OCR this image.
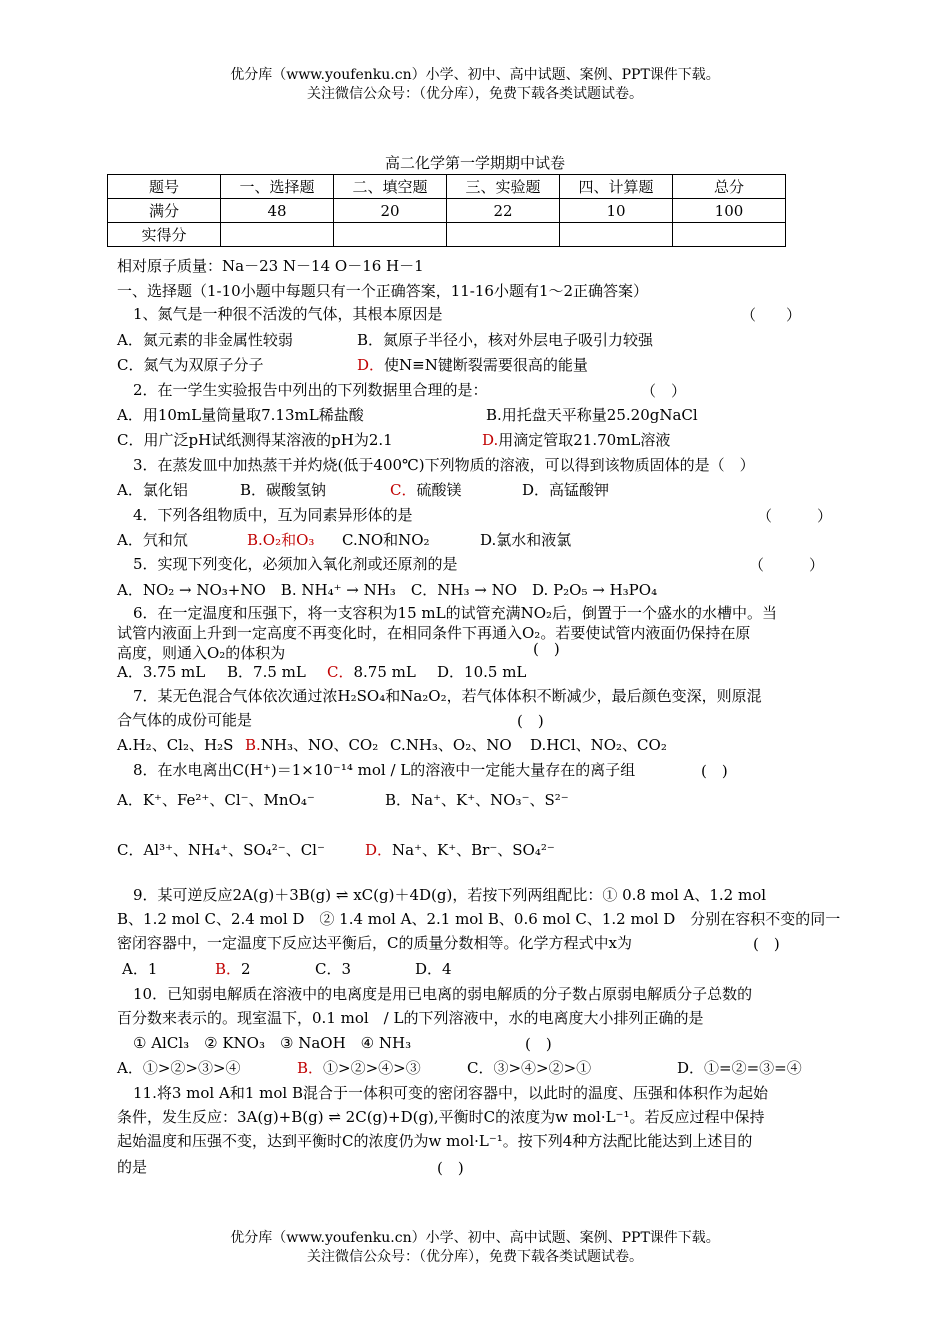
优分库（www.youfenku.cn）小学、初中、高中试题、案例、PPT课件下载。
关注微信公众号：（优分库），免费下载各类试题试卷。
高二化学第一学期期中试卷
题号	一、选择题	二、填空题	三、实验题	四、计算题	总分
满分	48	20	22	10	100
实得分					
相对原子质量：Na－23 N－14 O－16 H－1
一、选择题（1-10小题中每题只有一个正确答案，11-16小题有1～2正确答案）
1、氮气是一种很不活泼的气体，其根本原因是	（　　）
A．氮元素的非金属性较弱	B．氮原子半径小，核对外层电子吸引力较强
C．氮气为双原子分子	D．使N≡N键断裂需要很高的能量
2．在一学生实验报告中列出的下列数据里合理的是：	（　）
A．用10mL量筒量取7.13mL稀盐酸	B.用托盘天平称量25.20gNaCl
C．用广泛pH试纸测得某溶液的pH为2.1	D.用滴定管取21.70mL溶液
3．在蒸发皿中加热蒸干并灼烧(低于400℃)下列物质的溶液，可以得到该物质固体的是（　）
A．氯化铝	B．碳酸氢钠	C．硫酸镁	D．高锰酸钾
4．下列各组物质中，互为同素异形体的是	（　　　）
A．氕和氘	B.O₂和O₃ C.NO和NO₂	D.氯水和液氯
5．实现下列变化，必须加入氧化剂或还原剂的是	（　　　）
A．NO₂ → NO₃+NO　B. NH₄⁺ → NH₃　C．NH₃ → NO　D. P₂O₅ → H₃PO₄
6．在一定温度和压强下，将一支容积为15 mL的试管充满NO₂后，倒置于一个盛水的水槽中。当
试管内液面上升到一定高度不再变化时，在相同条件下再通入O₂。若要使试管内液面仍保持在原
高度，则通入O₂的体积为	(　)
A．3.75 mL B．7.5 mL C．8.75 mL D．10.5 mL
7．某无色混合气体依次通过浓H₂SO₄和Na₂O₂，若气体体积不断减少，最后颜色变深，则原混
合气体的成份可能是	(　)
A.H₂、Cl₂、H₂S B.NH₃、NO、CO₂ C.NH₃、O₂、NO D.HCl、NO₂、CO₂
8．在水电离出C(H⁺)＝1×10⁻¹⁴ mol / L的溶液中一定能大量存在的离子组	(　)
A．K⁺、Fe²⁺、Cl⁻、MnO₄⁻	B．Na⁺、K⁺、NO₃⁻、S²⁻
C．Al³⁺、NH₄⁺、SO₄²⁻、Cl⁻	D．Na⁺、K⁺、Br⁻、SO₄²⁻
9．某可逆反应2A(g)＋3B(g) ⇌ xC(g)＋4D(g)，若按下列两组配比：① 0.8 mol A、1.2 mol
B、1.2 mol C、2.4 mol D　② 1.4 mol A、2.1 mol B、0.6 mol C、1.2 mol D　分别在容积不变的同一
密闭容器中，一定温度下反应达平衡后，C的质量分数相等。化学方程式中x为	(　)
A．1	B．2	C．3	D．4
10．已知弱电解质在溶液中的电离度是用已电离的弱电解质的分子数占原弱电解质分子总数的
百分数来表示的。现室温下，0.1 mol　/ L的下列溶液中，水的电离度大小排列正确的是
① AlCl₃　② KNO₃　③ NaOH　④ NH₃	(　)
A．①>②>③>④	B．①>②>④>③	C．③>④>②>①	D．①=②=③=④
11.将3 mol A和1 mol B混合于一体积可变的密闭容器中，以此时的温度、压强和体积作为起始
条件，发生反应：3A(g)+B(g) ⇌ 2C(g)+D(g),平衡时C的浓度为w mol·L⁻¹。若反应过程中保持
起始温度和压强不变，达到平衡时C的浓度仍为w mol·L⁻¹。按下列4种方法配比能达到上述目的
的是	(　)
优分库（www.youfenku.cn）小学、初中、高中试题、案例、PPT课件下载。
关注微信公众号：（优分库），免费下载各类试题试卷。
